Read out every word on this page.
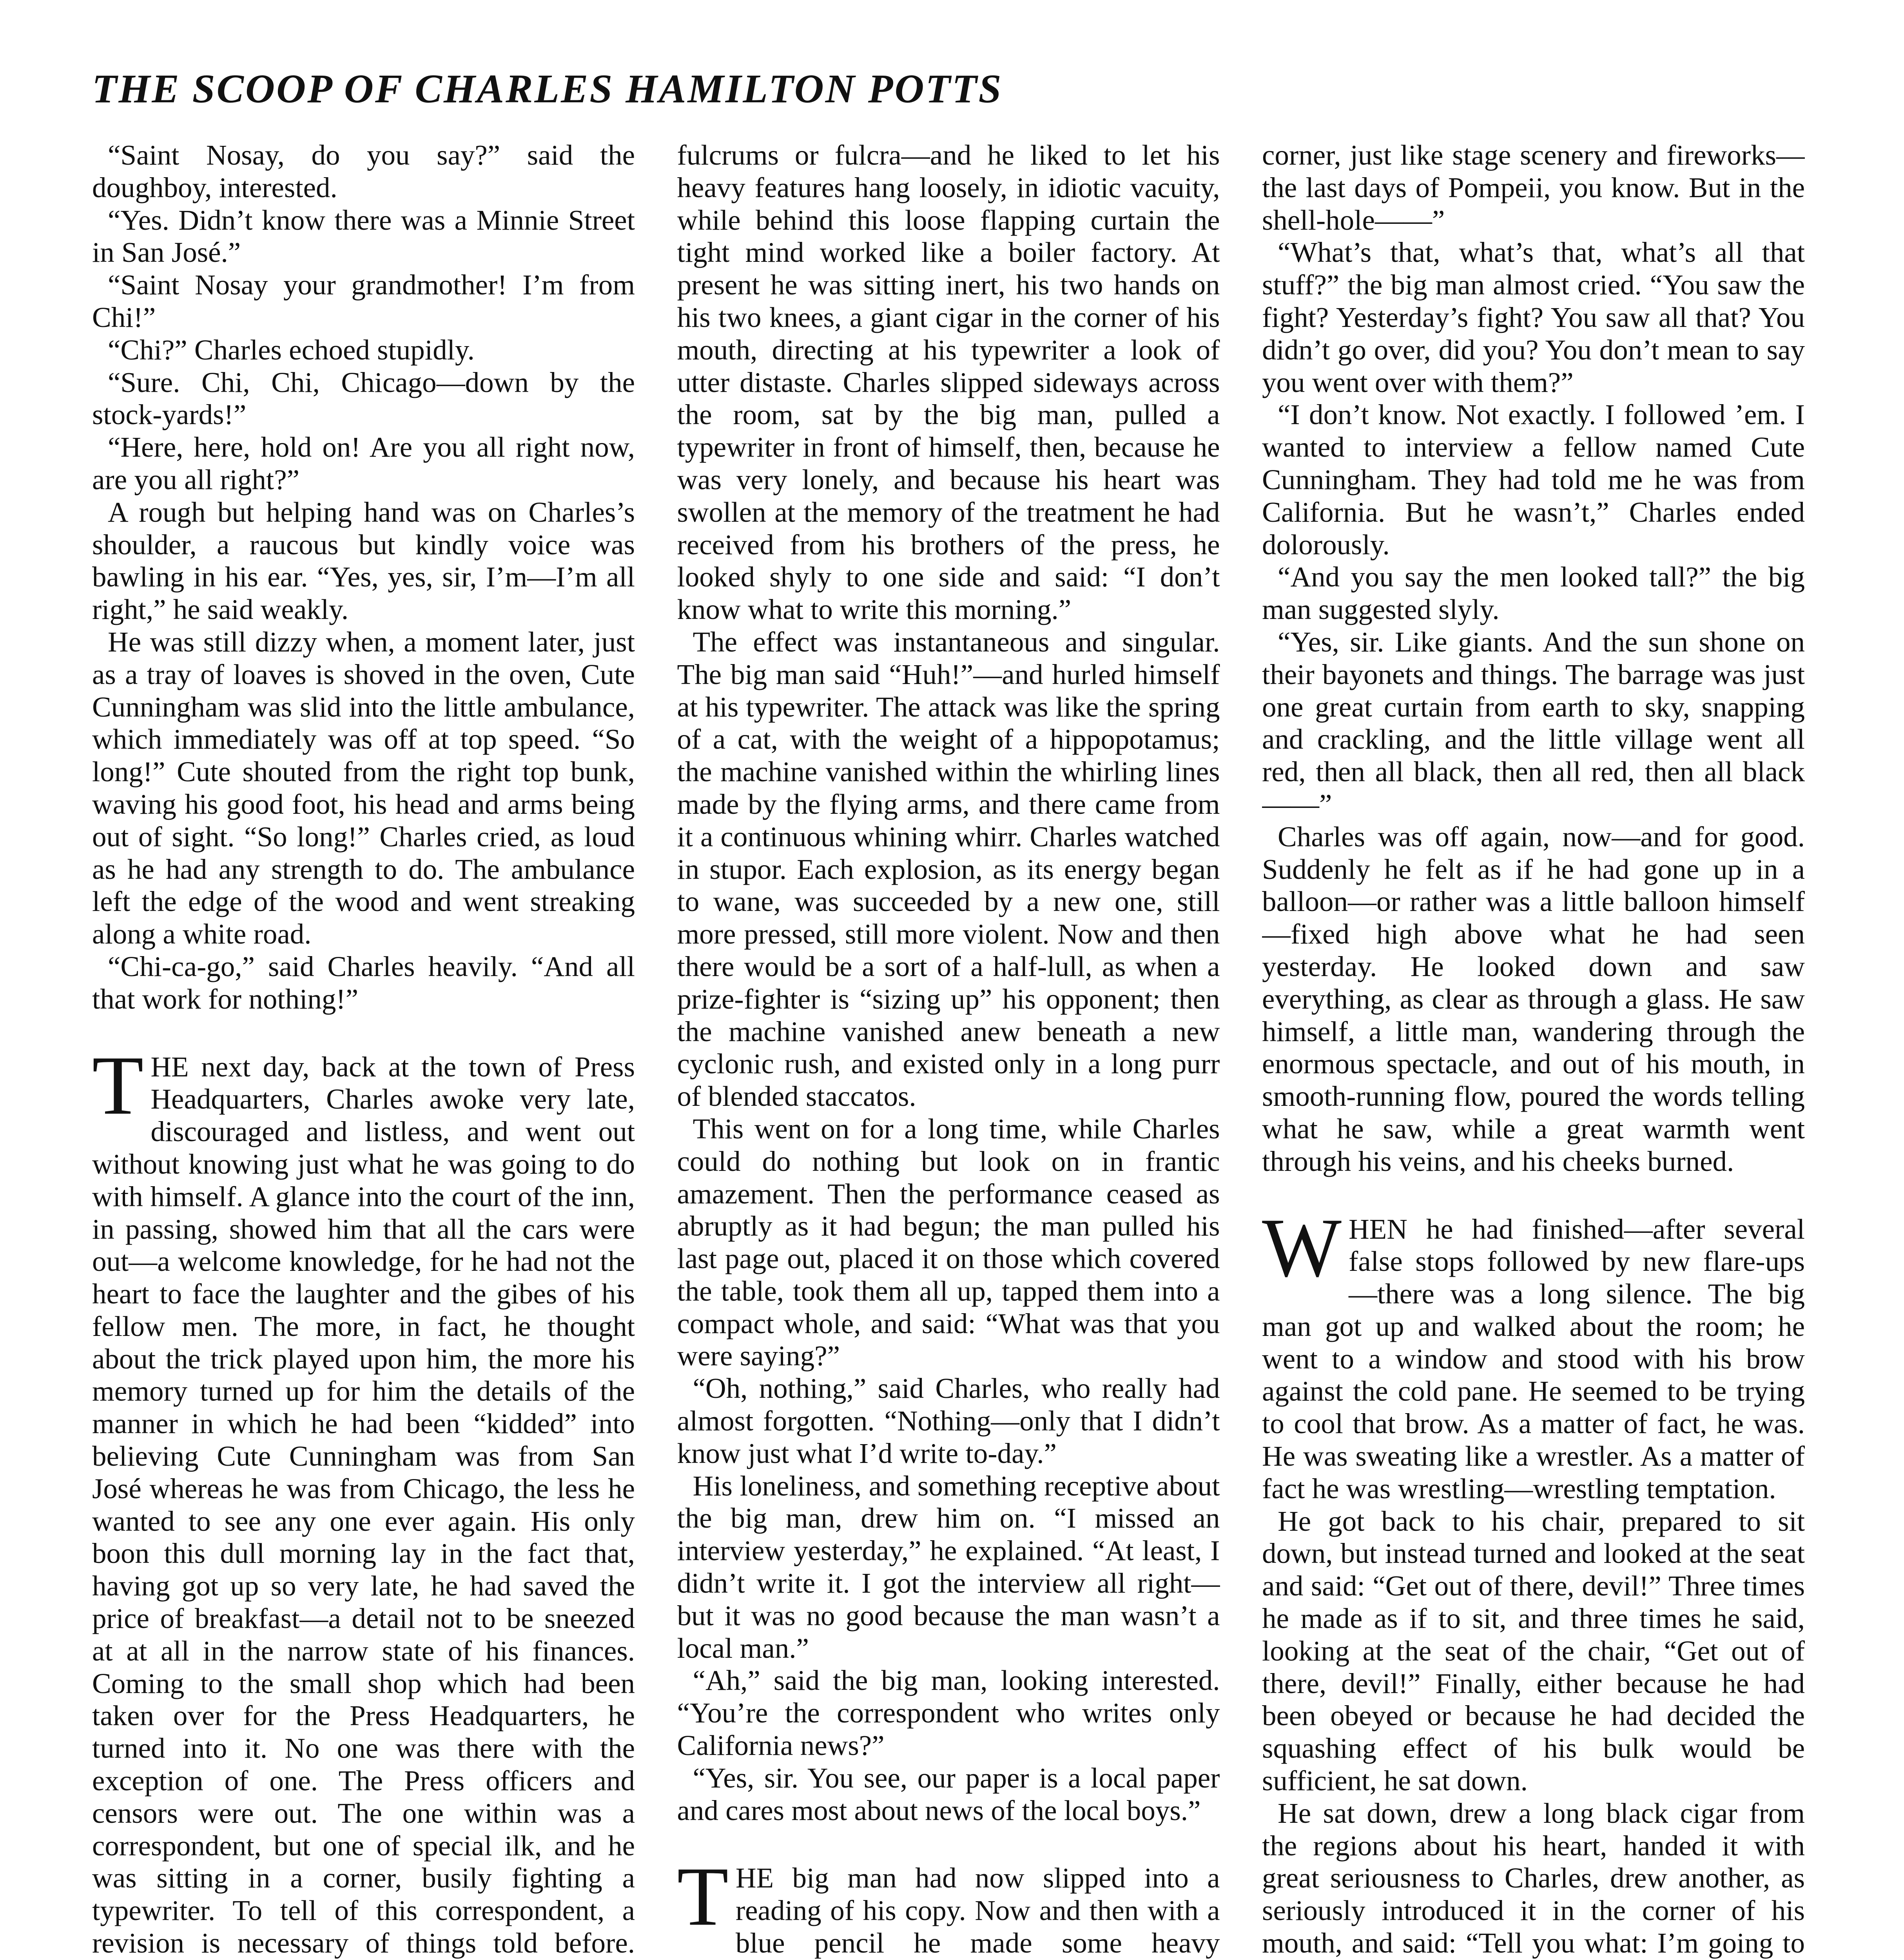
THE SCOOP OF CHARLES HAMILTON POTTS

“Saint Nosay, do you say?” said the doughboy, interested.

“Yes. Didn’t know there was a Minnie Street in San José.”

“Saint Nosay your grandmother! I’m from Chi!”

“Chi?” Charles echoed stupidly.

“Sure. Chi, Chi, Chicago—down by the stock-yards!”

“Here, here, hold on! Are you all right now, are you all right?”

A rough but helping hand was on Charles’s shoulder, a raucous but kindly voice was bawling in his ear. “Yes, yes, sir, I’m—I’m all right,” he said weakly.

He was still dizzy when, a moment later, just as a tray of loaves is shoved in the oven, Cute Cunningham was slid into the little ambulance, which immediately was off at top speed. “So long!” Cute shouted from the right top bunk, waving his good foot, his head and arms being out of sight. “So long!” Charles cried, as loud as he had any strength to do. The ambulance left the edge of the wood and went streaking along a white road.

“Chi-ca-go,” said Charles heavily. “And all that work for nothing!”

THE next day, back at the town of Press Headquarters, Charles awoke very late, discouraged and listless, and went out without knowing just what he was going to do with himself. A glance into the court of the inn, in passing, showed him that all the cars were out—a welcome knowledge, for he had not the heart to face the laughter and the gibes of his fellow men. The more, in fact, he thought about the trick played upon him, the more his memory turned up for him the details of the manner in which he had been “kidded” into believing Cute Cunningham was from San José whereas he was from Chicago, the less he wanted to see any one ever again. His only boon this dull morning lay in the fact that, having got up so very late, he had saved the price of breakfast—a detail not to be sneezed at at all in the narrow state of his finances. Coming to the small shop which had been taken over for the Press Headquarters, he turned into it. No one was there with the exception of one. The Press officers and censors were out. The one within was a correspondent, but one of special ilk, and he was sitting in a corner, busily fighting a typewriter. To tell of this correspondent, a revision is necessary of things told before.

fulcrums or fulcra—and he liked to let his heavy features hang loosely, in idiotic vacuity, while behind this loose flapping curtain the tight mind worked like a boiler factory. At present he was sitting inert, his two hands on his two knees, a giant cigar in the corner of his mouth, directing at his typewriter a look of utter distaste. Charles slipped sideways across the room, sat by the big man, pulled a typewriter in front of himself, then, because he was very lonely, and because his heart was swollen at the memory of the treatment he had received from his brothers of the press, he looked shyly to one side and said: “I don’t know what to write this morning.”

The effect was instantaneous and singular. The big man said “Huh!”—and hurled himself at his typewriter. The attack was like the spring of a cat, with the weight of a hippopotamus; the machine vanished within the whirling lines made by the flying arms, and there came from it a continuous whining whirr. Charles watched in stupor. Each explosion, as its energy began to wane, was succeeded by a new one, still more pressed, still more violent. Now and then there would be a sort of a half-lull, as when a prize-fighter is “sizing up” his opponent; then the machine vanished anew beneath a new cyclonic rush, and existed only in a long purr of blended staccatos.

This went on for a long time, while Charles could do nothing but look on in frantic amazement. Then the performance ceased as abruptly as it had begun; the man pulled his last page out, placed it on those which covered the table, took them all up, tapped them into a compact whole, and said: “What was that you were saying?”

“Oh, nothing,” said Charles, who really had almost forgotten. “Nothing—only that I didn’t know just what I’d write to-day.”

His loneliness, and something receptive about the big man, drew him on. “I missed an interview yesterday,” he explained. “At least, I didn’t write it. I got the interview all right—but it was no good because the man wasn’t a local man.”

“Ah,” said the big man, looking interested. “You’re the correspondent who writes only California news?”

“Yes, sir. You see, our paper is a local paper and cares most about news of the local boys.”

THE big man had now slipped into a reading of his copy. Now and then with a blue pencil he made some heavy

corner, just like stage scenery and fireworks—the last days of Pompeii, you know. But in the shell-hole——”

“What’s that, what’s that, what’s all that stuff?” the big man almost cried. “You saw the fight? Yesterday’s fight? You saw all that? You didn’t go over, did you? You don’t mean to say you went over with them?”

“I don’t know. Not exactly. I followed ’em. I wanted to interview a fellow named Cute Cunningham. They had told me he was from California. But he wasn’t,” Charles ended dolorously.

“And you say the men looked tall?” the big man suggested slyly.

“Yes, sir. Like giants. And the sun shone on their bayonets and things. The barrage was just one great curtain from earth to sky, snapping and crackling, and the little village went all red, then all black, then all red, then all black——”

Charles was off again, now—and for good. Suddenly he felt as if he had gone up in a balloon—or rather was a little balloon himself—fixed high above what he had seen yesterday. He looked down and saw everything, as clear as through a glass. He saw himself, a little man, wandering through the enormous spectacle, and out of his mouth, in smooth-running flow, poured the words telling what he saw, while a great warmth went through his veins, and his cheeks burned.

WHEN he had finished—after several false stops followed by new flare-ups—there was a long silence. The big man got up and walked about the room; he went to a window and stood with his brow against the cold pane. He seemed to be trying to cool that brow. As a matter of fact, he was. He was sweating like a wrestler. As a matter of fact he was wrestling—wrestling temptation.

He got back to his chair, prepared to sit down, but instead turned and looked at the seat and said: “Get out of there, devil!” Three times he made as if to sit, and three times he said, looking at the seat of the chair, “Get out of there, devil!” Finally, either because he had been obeyed or because he had decided the squashing effect of his bulk would be sufficient, he sat down.

He sat down, drew a long black cigar from the regions about his heart, handed it with great seriousness to Charles, drew another, as seriously introduced it in the corner of his mouth, and said: “Tell you what: I’m going to
